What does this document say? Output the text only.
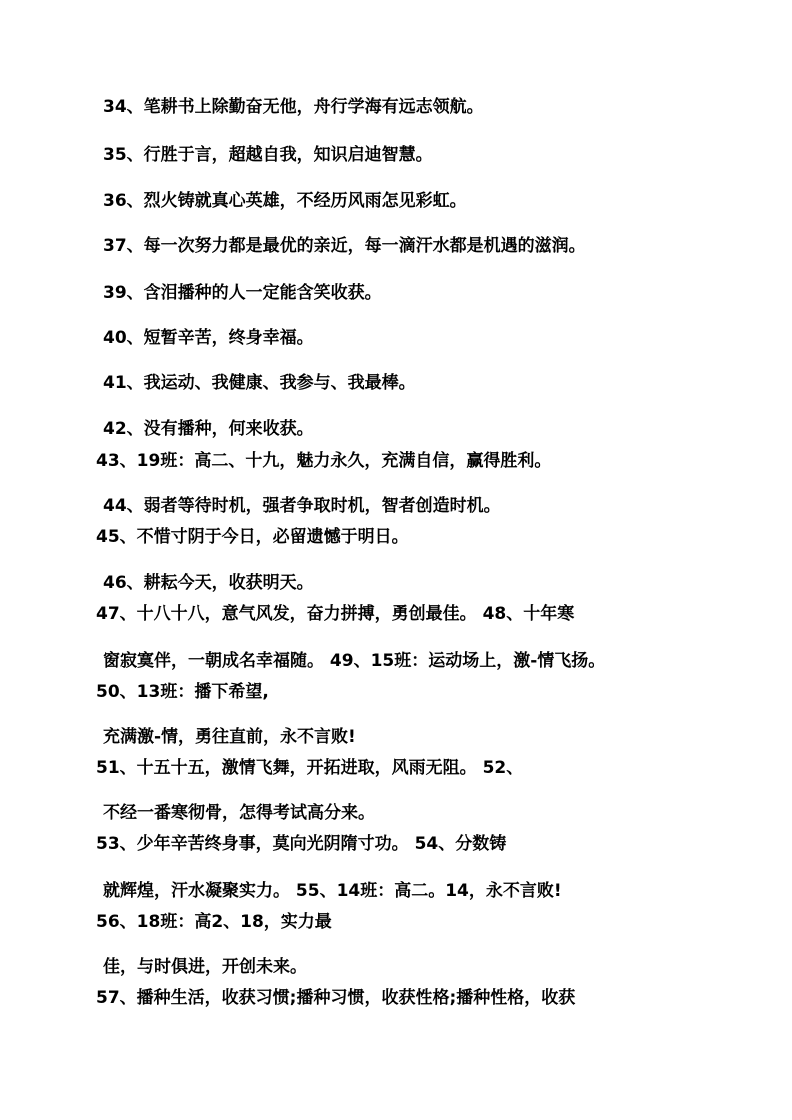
34、笔耕书上除勤奋无他，舟行学海有远志领航。
35、行胜于言，超越自我，知识启迪智慧。
36、烈火铸就真心英雄，不经历风雨怎见彩虹。
37、每一次努力都是最优的亲近，每一滴汗水都是机遇的滋润。
39、含泪播种的人一定能含笑收获。
40、短暂辛苦，终身幸福。
41、我运动、我健康、我参与、我最棒。
42、没有播种，何来收获。
43、19班：高二、十九，魅力永久，充满自信，赢得胜利。
44、弱者等待时机，强者争取时机，智者创造时机。
45、不惜寸阴于今日，必留遗憾于明日。
46、耕耘今天，收获明天。
47、十八十八，意气风发，奋力拼搏，勇创最佳。 48、十年寒
窗寂寞伴，一朝成名幸福随。 49、15班：运动场上，激-情飞扬。
50、13班：播下希望,
充满激-情，勇往直前，永不言败!
51、十五十五，激情飞舞，开拓进取，风雨无阻。 52、
不经一番寒彻骨，怎得考试高分来。
53、少年辛苦终身事，莫向光阴隋寸功。 54、分数铸
就辉煌，汗水凝聚实力。 55、14班：高二。14，永不言败!
56、18班：高2、18，实力最
佳，与时俱进，开创未来。
57、播种生活，收获习惯;播种习惯，收获性格;播种性格，收获
